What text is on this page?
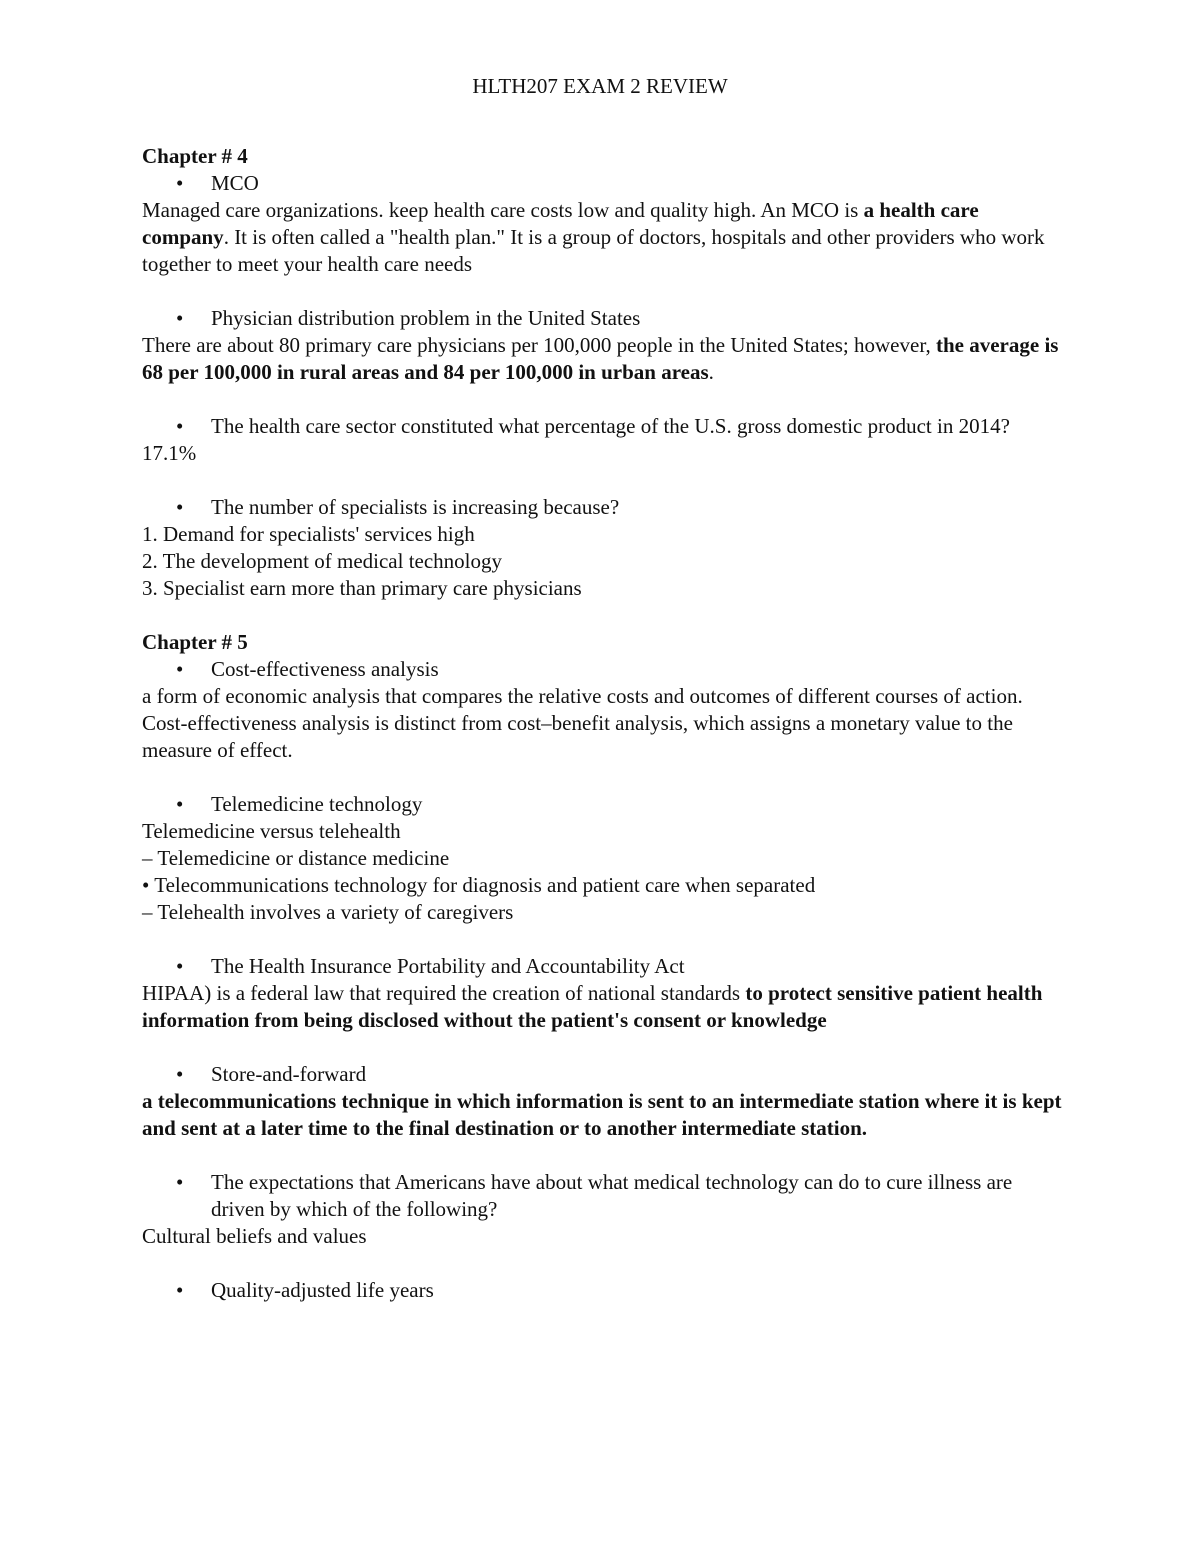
HLTH207 EXAM 2 REVIEW
Chapter # 4
• MCO
Managed care organizations. keep health care costs low and quality high. An MCO is a health care company. It is often called a "health plan." It is a group of doctors, hospitals and other providers who work together to meet your health care needs
• Physician distribution problem in the United States
There are about 80 primary care physicians per 100,000 people in the United States; however, the average is 68 per 100,000 in rural areas and 84 per 100,000 in urban areas.
• The health care sector constituted what percentage of the U.S. gross domestic product in 2014?
17.1%
• The number of specialists is increasing because?
1. Demand for specialists' services high
2. The development of medical technology
3. Specialist earn more than primary care physicians
Chapter # 5
• Cost-effectiveness analysis
a form of economic analysis that compares the relative costs and outcomes of different courses of action. Cost-effectiveness analysis is distinct from cost–benefit analysis, which assigns a monetary value to the measure of effect.
• Telemedicine technology
Telemedicine versus telehealth
– Telemedicine or distance medicine
• Telecommunications technology for diagnosis and patient care when separated
– Telehealth involves a variety of caregivers
• The Health Insurance Portability and Accountability Act
HIPAA) is a federal law that required the creation of national standards to protect sensitive patient health information from being disclosed without the patient's consent or knowledge
• Store-and-forward
a telecommunications technique in which information is sent to an intermediate station where it is kept and sent at a later time to the final destination or to another intermediate station.
• The expectations that Americans have about what medical technology can do to cure illness are driven by which of the following?
Cultural beliefs and values
• Quality-adjusted life years
